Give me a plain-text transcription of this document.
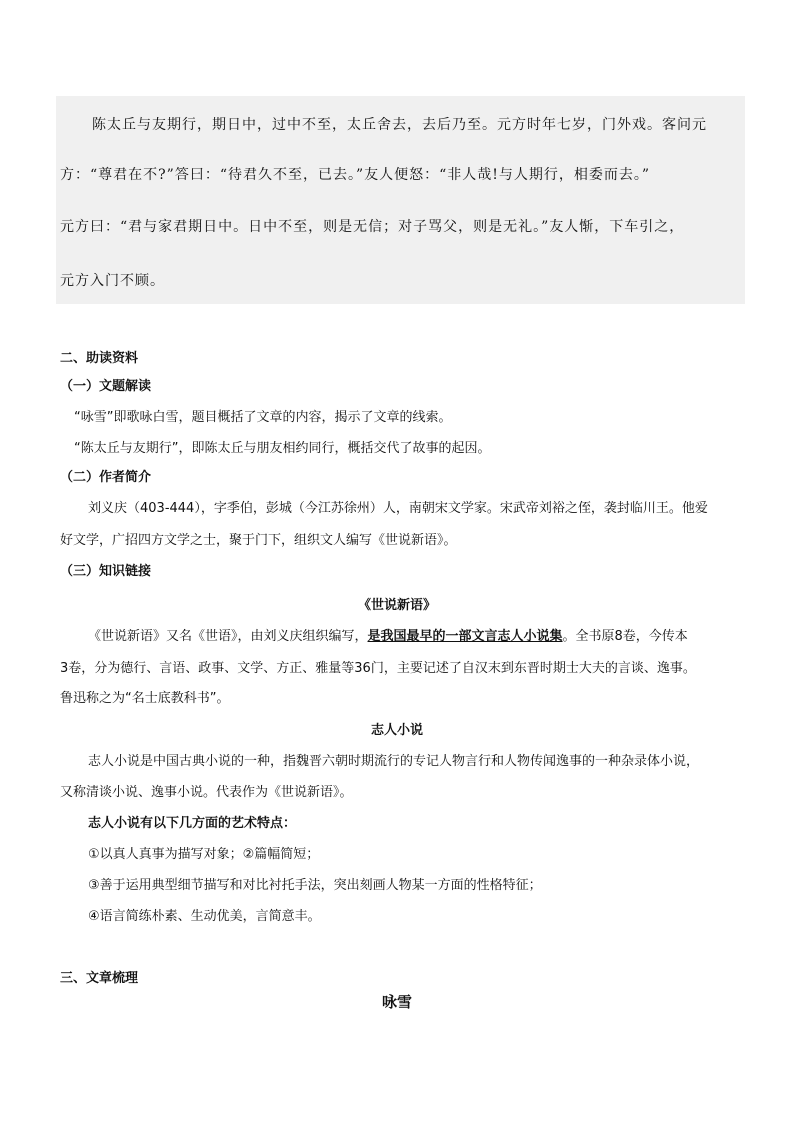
陈太丘与友期行，期日中，过中不至，太丘舍去，去后乃至。元方时年七岁，门外戏。客问元
方：“尊君在不?”答曰：“待君久不至，已去。”友人便怒：“非人哉!与人期行，相委而去。”
元方曰：“君与家君期日中。日中不至，则是无信；对子骂父，则是无礼。”友人惭，下车引之，
元方入门不顾。
二、助读资料
（一）文题解读
“咏雪”即歌咏白雪，题目概括了文章的内容，揭示了文章的线索。
“陈太丘与友期行”，即陈太丘与朋友相约同行，概括交代了故事的起因。
（二）作者简介
刘义庆（403-444），字季伯，彭城（今江苏徐州）人，南朝宋文学家。宋武帝刘裕之侄，袭封临川王。他爱
好文学，广招四方文学之士，聚于门下，组织文人编写《世说新语》。
（三）知识链接
《世说新语》
《世说新语》又名《世语》，由刘义庆组织编写，是我国最早的一部文言志人小说集。全书原8卷，今传本
3卷，分为德行、言语、政事、文学、方正、雅量等36门，主要记述了自汉末到东晋时期士大夫的言谈、逸事。
鲁迅称之为“名士底教科书”。
志人小说
志人小说是中国古典小说的一种，指魏晋六朝时期流行的专记人物言行和人物传闻逸事的一种杂录体小说，
又称清谈小说、逸事小说。代表作为《世说新语》。
志人小说有以下几方面的艺术特点：
①以真人真事为描写对象；②篇幅简短；
③善于运用典型细节描写和对比衬托手法，突出刻画人物某一方面的性格特征；
④语言简练朴素、生动优美，言简意丰。
三、文章梳理
咏雪
